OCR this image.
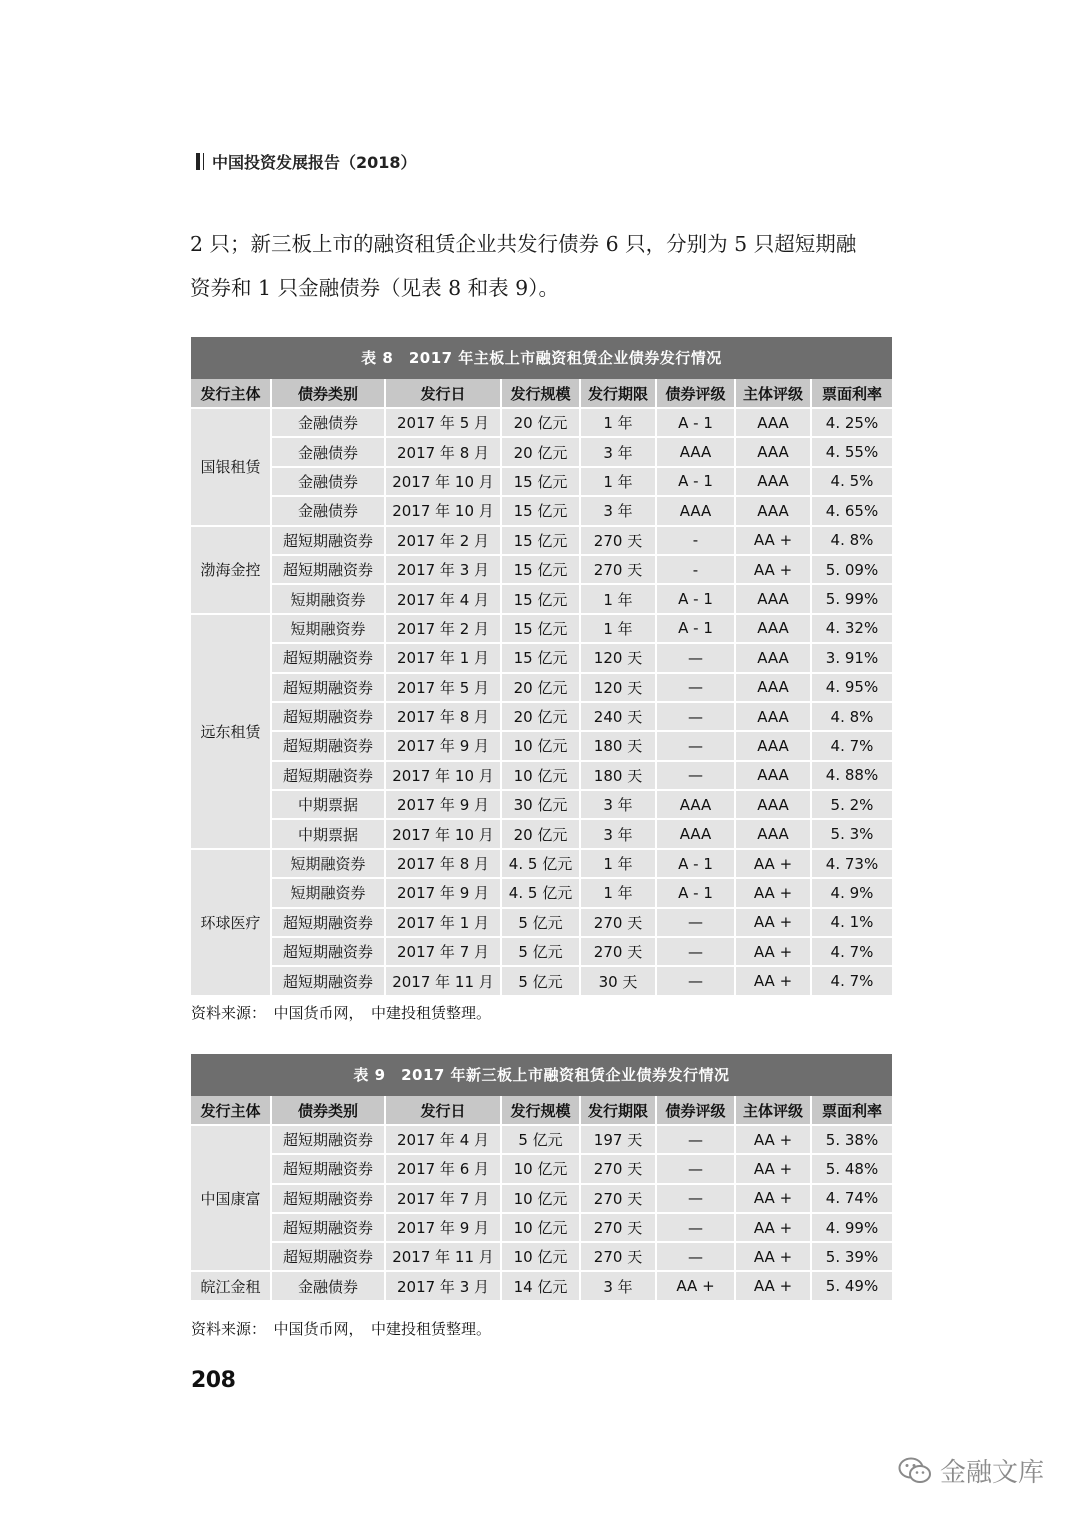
中国投资发展报告（2018）

2 只；新三板上市的融资租赁企业共发行债券 6 只，分别为 5 只超短期融

资券和 1 只金融债券（见表 8 和表 9）。

表 8　2017 年主板上市融资租赁企业债券发行情况
发行主体	债券类别	发行日	发行规模	发行期限	债券评级	主体评级	票面利率
国银租赁	金融债券	2017 年 5 月	20 亿元	1 年	A - 1	AAA	4. 25%
	金融债券	2017 年 8 月	20 亿元	3 年	AAA	AAA	4. 55%
	金融债券	2017 年 10 月	15 亿元	1 年	A - 1	AAA	4. 5%
	金融债券	2017 年 10 月	15 亿元	3 年	AAA	AAA	4. 65%
渤海金控	超短期融资券	2017 年 2 月	15 亿元	270 天	-	AA +	4. 8%
	超短期融资券	2017 年 3 月	15 亿元	270 天	-	AA +	5. 09%
	短期融资券	2017 年 4 月	15 亿元	1 年	A - 1	AAA	5. 99%
远东租赁	短期融资券	2017 年 2 月	15 亿元	1 年	A - 1	AAA	4. 32%
	超短期融资券	2017 年 1 月	15 亿元	120 天	—	AAA	3. 91%
	超短期融资券	2017 年 5 月	20 亿元	120 天	—	AAA	4. 95%
	超短期融资券	2017 年 8 月	20 亿元	240 天	—	AAA	4. 8%
	超短期融资券	2017 年 9 月	10 亿元	180 天	—	AAA	4. 7%
	超短期融资券	2017 年 10 月	10 亿元	180 天	—	AAA	4. 88%
	中期票据	2017 年 9 月	30 亿元	3 年	AAA	AAA	5. 2%
	中期票据	2017 年 10 月	20 亿元	3 年	AAA	AAA	5. 3%
环球医疗	短期融资券	2017 年 8 月	4. 5 亿元	1 年	A - 1	AA +	4. 73%
	短期融资券	2017 年 9 月	4. 5 亿元	1 年	A - 1	AA +	4. 9%
	超短期融资券	2017 年 1 月	5 亿元	270 天	—	AA +	4. 1%
	超短期融资券	2017 年 7 月	5 亿元	270 天	—	AA +	4. 7%
	超短期融资券	2017 年 11 月	5 亿元	30 天	—	AA +	4. 7%
资料来源：　中国货币网，　中建投租赁整理。
表 9　2017 年新三板上市融资租赁企业债券发行情况
发行主体	债券类别	发行日	发行规模	发行期限	债券评级	主体评级	票面利率
中国康富	超短期融资券	2017 年 4 月	5 亿元	197 天	—	AA +	5. 38%
	超短期融资券	2017 年 6 月	10 亿元	270 天	—	AA +	5. 48%
	超短期融资券	2017 年 7 月	10 亿元	270 天	—	AA +	4. 74%
	超短期融资券	2017 年 9 月	10 亿元	270 天	—	AA +	4. 99%
	超短期融资券	2017 年 11 月	10 亿元	270 天	—	AA +	5. 39%
皖江金租	金融债券	2017 年 3 月	14 亿元	3 年	AA +	AA +	5. 49%
资料来源：　中国货币网，　中建投租赁整理。
208
金融文库
